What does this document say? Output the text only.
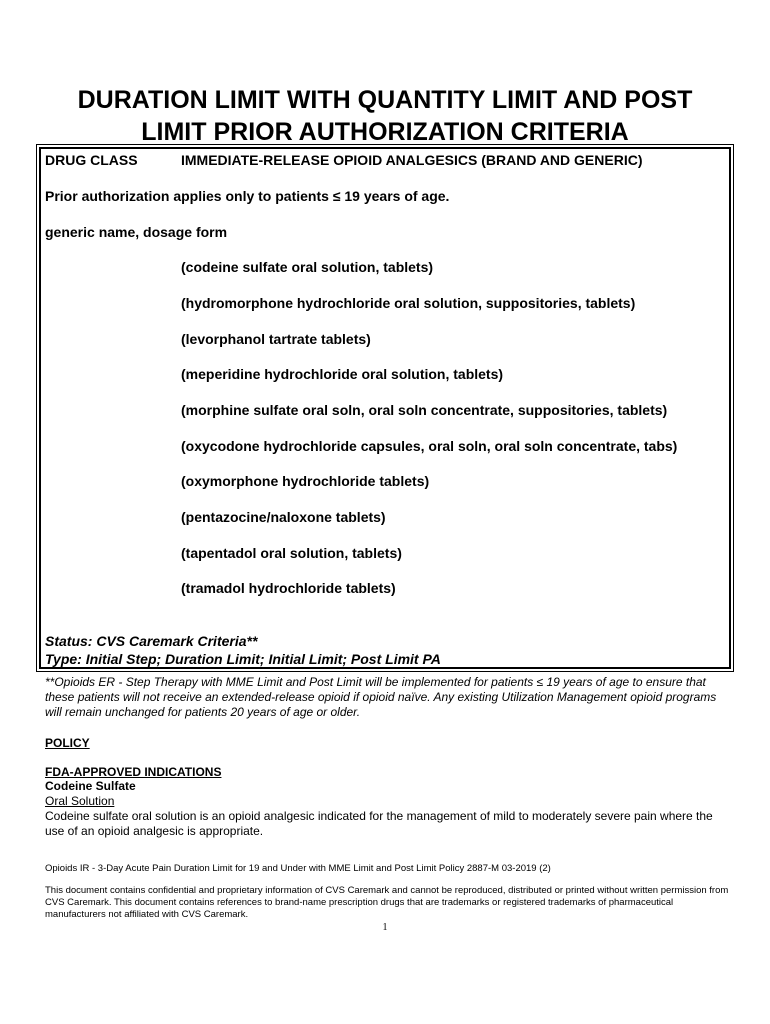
DURATION LIMIT WITH QUANTITY LIMIT AND POST
LIMIT PRIOR AUTHORIZATION CRITERIA
DRUG CLASS	IMMEDIATE-RELEASE OPIOID ANALGESICS (BRAND AND GENERIC)
Prior authorization applies only to patients ≤ 19 years of age.
generic name, dosage form
(codeine sulfate oral solution, tablets)
(hydromorphone hydrochloride oral solution, suppositories, tablets)
(levorphanol tartrate tablets)
(meperidine hydrochloride oral solution, tablets)
(morphine sulfate oral soln, oral soln concentrate, suppositories, tablets)
(oxycodone hydrochloride capsules, oral soln, oral soln concentrate, tabs)
(oxymorphone hydrochloride tablets)
(pentazocine/naloxone tablets)
(tapentadol oral solution, tablets)
(tramadol hydrochloride tablets)
Status: CVS Caremark Criteria**
Type: Initial Step; Duration Limit; Initial Limit; Post Limit PA

**Opioids ER - Step Therapy with MME Limit and Post Limit will be implemented for patients ≤ 19 years of age to ensure that these patients will not receive an extended-release opioid if opioid naïve. Any existing Utilization Management opioid programs will remain unchanged for patients 20 years of age or older.

POLICY
FDA-APPROVED INDICATIONS
Codeine Sulfate
Oral Solution

Codeine sulfate oral solution is an opioid analgesic indicated for the management of mild to moderately severe pain where the use of an opioid analgesic is appropriate.

Opioids IR - 3-Day Acute Pain Duration Limit for 19 and Under with MME Limit and Post Limit Policy 2887-M 03-2019 (2)

This document contains confidential and proprietary information of CVS Caremark and cannot be reproduced, distributed or printed without written permission from CVS Caremark. This document contains references to brand-name prescription drugs that are trademarks or registered trademarks of pharmaceutical manufacturers not affiliated with CVS Caremark.

1
